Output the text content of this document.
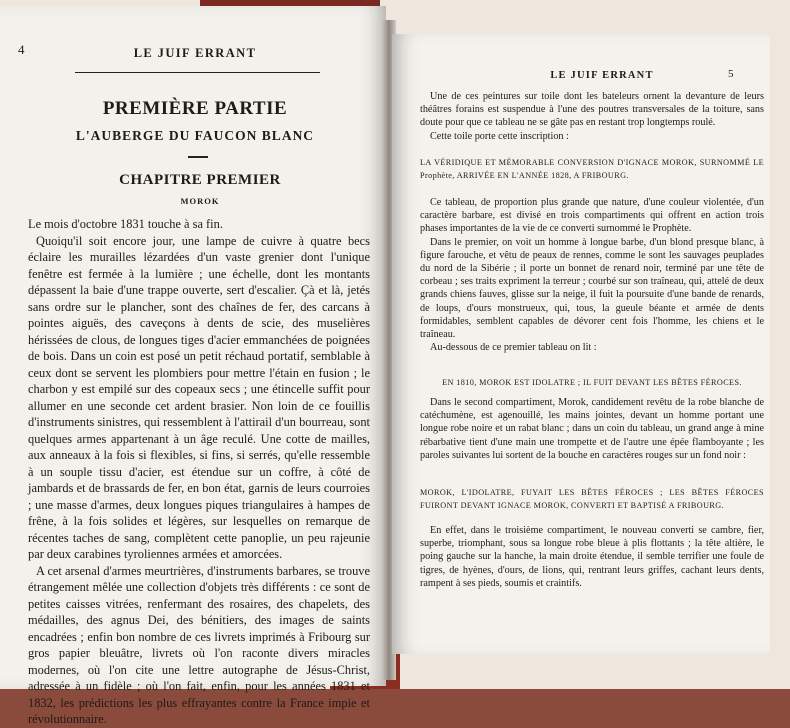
4	LE JUIF ERRANT
PREMIÈRE PARTIE
L'AUBERGE DU FAUCON BLANC
CHAPITRE PREMIER
MOROK

Le mois d'octobre 1831 touche à sa fin.

Quoiqu'il soit encore jour, une lampe de cuivre à quatre becs éclaire les murailles lézardées d'un vaste grenier dont l'unique fenêtre est fermée à la lumière ; une échelle, dont les montants dépassent la baie d'une trappe ouverte, sert d'escalier. Çà et là, jetés sans ordre sur le plancher, sont des chaînes de fer, des carcans à pointes aiguës, des caveçons à dents de scie, des muselières hérissées de clous, de longues tiges d'acier emmanchées de poignées de bois. Dans un coin est posé un petit réchaud portatif, semblable à ceux dont se servent les plombiers pour mettre l'étain en fusion ; le charbon y est empilé sur des copeaux secs ; une étincelle suffit pour allumer en une seconde cet ardent brasier. Non loin de ce fouillis d'instruments sinistres, qui ressemblent à l'attirail d'un bourreau, sont quelques armes appartenant à un âge reculé. Une cotte de mailles, aux anneaux à la fois si flexibles, si fins, si serrés, qu'elle ressemble à un souple tissu d'acier, est étendue sur un coffre, à côté de jambards et de brassards de fer, en bon état, garnis de leurs courroies ; une masse d'armes, deux longues piques triangulaires à hampes de frêne, à la fois solides et légères, sur lesquelles on remarque de récentes taches de sang, complètent cette panoplie, un peu rajeunie par deux carabines tyroliennes armées et amorcées.

A cet arsenal d'armes meurtrières, d'instruments barbares, se trouve étrangement mêlée une collection d'objets très différents : ce sont de petites caisses vitrées, renfermant des rosaires, des chapelets, des médailles, des agnus Dei, des bénitiers, des images de saints encadrées ; enfin bon nombre de ces livrets imprimés à Fribourg sur gros papier bleuâtre, livrets où l'on raconte divers miracles modernes, où l'on cite une lettre autographe de Jésus-Christ, adressée à un fidèle ; où l'on fait, enfin, pour les années 1831 et 1832, les prédictions les plus effrayantes contre la France impie et révolutionnaire.

LE JUIF ERRANT	5

Une de ces peintures sur toile dont les bateleurs ornent la devanture de leurs théâtres forains est suspendue à l'une des poutres transversales de la toiture, sans doute pour que ce tableau ne se gâte pas en restant trop longtemps roulé.

Cette toile porte cette inscription :

LA VÉRIDIQUE ET MÉMORABLE CONVERSION D'IGNACE MOROK, SURNOMMÉ LE Prophète, ARRIVÉE EN L'ANNÉE 1828, A FRIBOURG.

Ce tableau, de proportion plus grande que nature, d'une couleur violentée, d'un caractère barbare, est divisé en trois compartiments qui offrent en action trois phases importantes de la vie de ce converti surnommé le Prophète.

Dans le premier, on voit un homme à longue barbe, d'un blond presque blanc, à figure farouche, et vêtu de peaux de rennes, comme le sont les sauvages peuplades du nord de la Sibérie ; il porte un bonnet de renard noir, terminé par une tête de corbeau ; ses traits expriment la terreur ; courbé sur son traîneau, qui, attelé de deux grands chiens fauves, glisse sur la neige, il fuit la poursuite d'une bande de renards, de loups, d'ours monstrueux, qui, tous, la gueule béante et armée de dents formidables, semblent capables de dévorer cent fois l'homme, les chiens et le traîneau.

Au-dessous de ce premier tableau on lit :

EN 1810, MOROK EST IDOLATRE ; IL FUIT DEVANT LES BÊTES FÉROCES.

Dans le second compartiment, Morok, candidement revêtu de la robe blanche de catéchumène, est agenouillé, les mains jointes, devant un homme portant une longue robe noire et un rabat blanc ; dans un coin du tableau, un grand ange à mine rébarbative tient d'une main une trompette et de l'autre une épée flamboyante ; les paroles suivantes lui sortent de la bouche en caractères rouges sur un fond noir :

MOROK, L'IDOLATRE, FUYAIT LES BÊTES FÉROCES ; LES BÊTES FÉROCES FUIRONT DEVANT IGNACE MOROK, CONVERTI ET BAPTISÉ A FRIBOURG.

En effet, dans le troisième compartiment, le nouveau converti se cambre, fier, superbe, triomphant, sous sa longue robe bleue à plis flottants ; la tête altière, le poing gauche sur la hanche, la main droite étendue, il semble terrifier une foule de tigres, de hyènes, d'ours, de lions, qui, rentrant leurs griffes, cachant leurs dents, rampent à ses pieds, soumis et craintifs.
